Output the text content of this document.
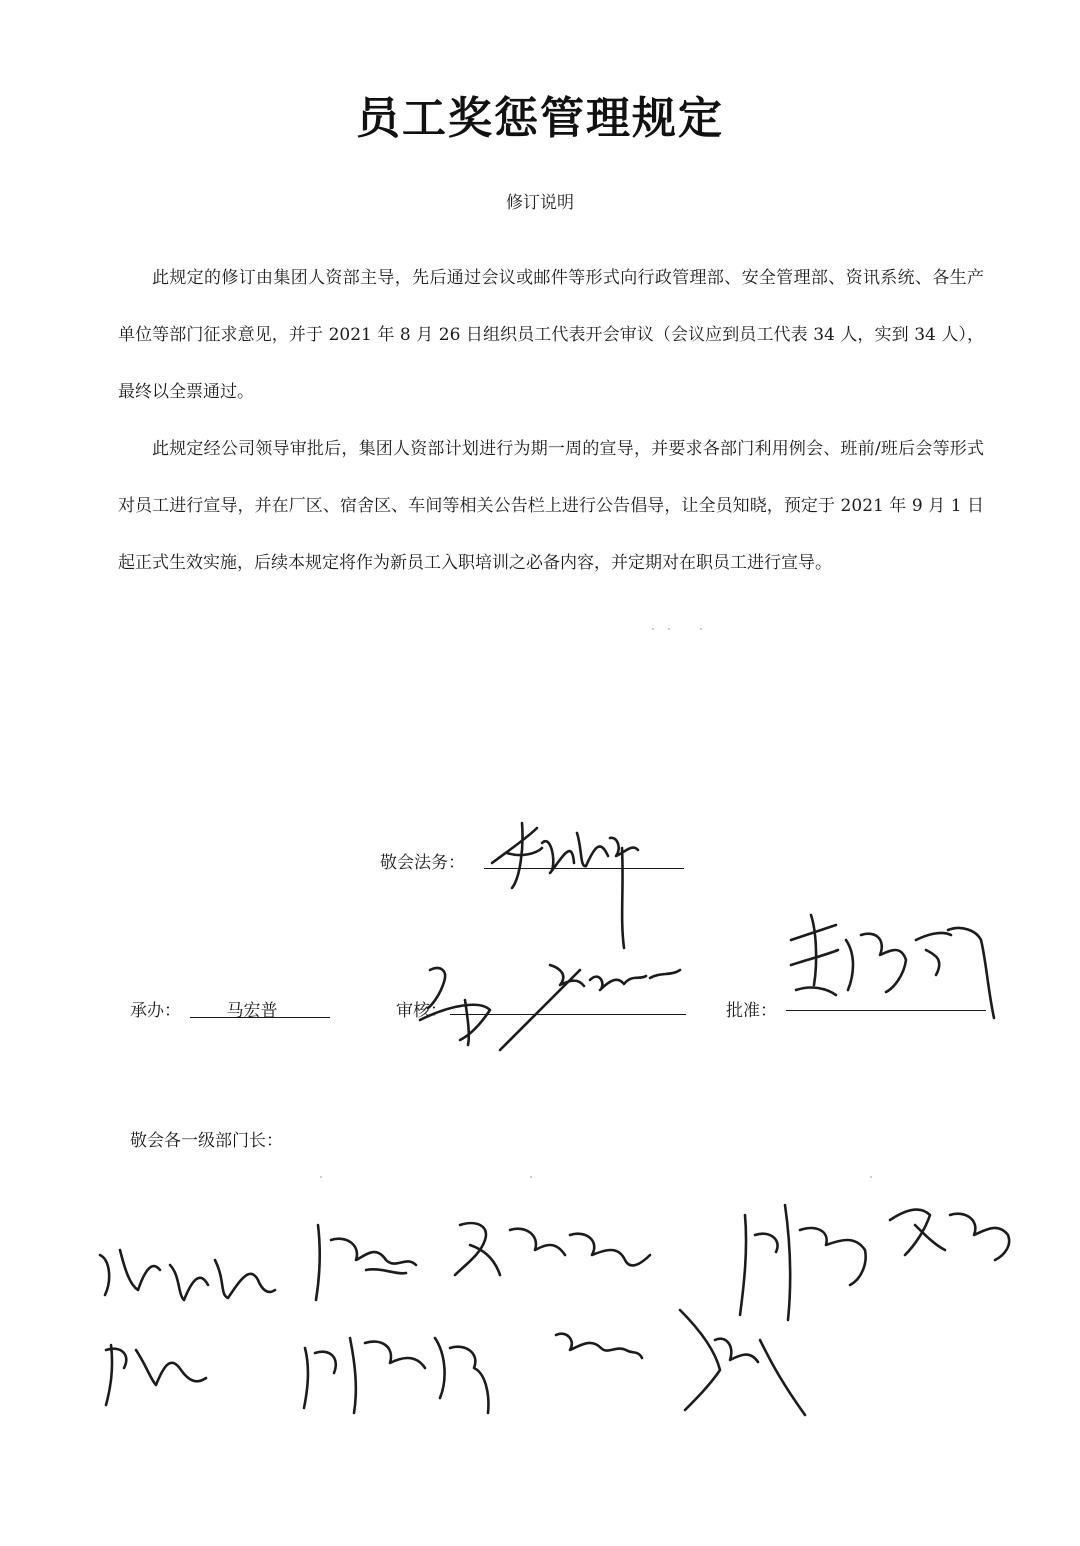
员工奖惩管理规定
修订说明

此规定的修订由集团人资部主导，先后通过会议或邮件等形式向行政管理部、安全管理部、资讯系统、各生产单位等部门征求意见，并于 2021 年 8 月 26 日组织员工代表开会审议（会议应到员工代表 34 人，实到 34 人），最终以全票通过。

此规定经公司领导审批后，集团人资部计划进行为期一周的宣导，并要求各部门利用例会、班前/班后会等形式对员工进行宣导，并在厂区、宿舍区、车间等相关公告栏上进行公告倡导，让全员知晓，预定于 2021 年 9 月 1 日起正式生效实施，后续本规定将作为新员工入职培训之必备内容，并定期对在职员工进行宣导。

敬会法务：
承办：	马宏普	审核：	批准：
敬会各一级部门长：
